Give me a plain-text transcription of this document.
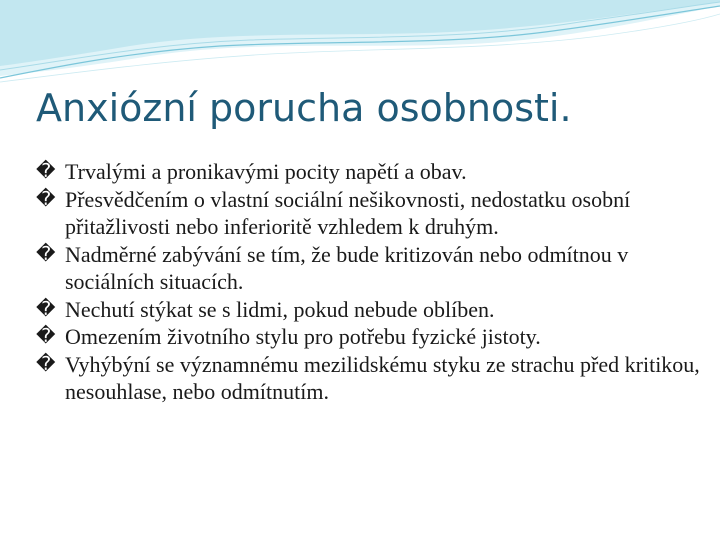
Anxiózní porucha osobnosti.
� Trvalými a pronikavými pocity napětí a obav.
� Přesvědčením o vlastní sociální nešikovnosti, nedostatku osobní přitažlivosti nebo inferioritě vzhledem k druhým.
� Nadměrné zabývání se tím, že bude kritizován nebo odmítnou v sociálních situacích.
� Nechutí stýkat se s lidmi, pokud nebude oblíben.
� Omezením životního stylu pro potřebu fyzické jistoty.
� Vyhýbýní se významnému mezilidskému styku ze strachu před kritikou, nesouhlase, nebo odmítnutím.
